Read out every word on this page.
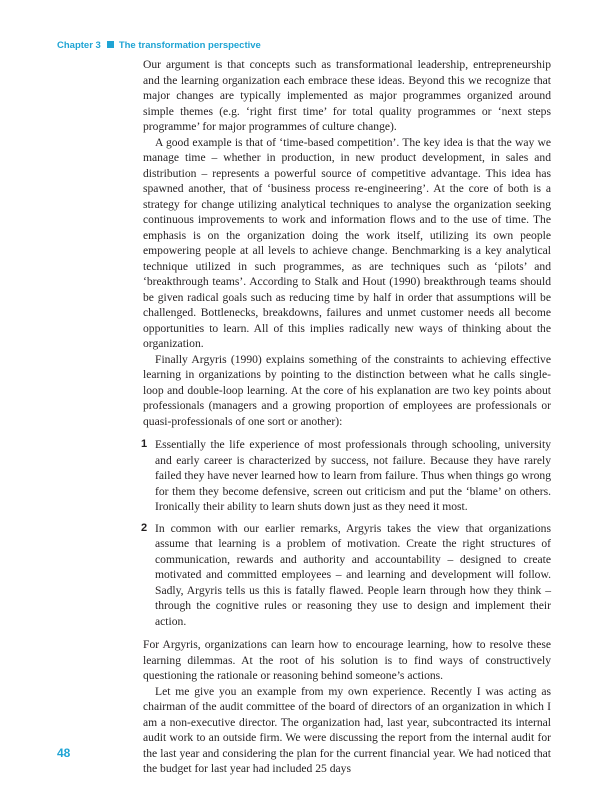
Chapter 3 The transformation perspective

Our argument is that concepts such as transformational leadership, entrepreneurship and the learning organization each embrace these ideas. Beyond this we recognize that major changes are typically implemented as major programmes organized around simple themes (e.g. ‘right first time’ for total quality programmes or ‘next steps programme’ for major programmes of culture change).

A good example is that of ‘time-based competition’. The key idea is that the way we manage time – whether in production, in new product development, in sales and distribution – represents a powerful source of competitive advantage. This idea has spawned another, that of ‘business process re-engineering’. At the core of both is a strategy for change utilizing analytical techniques to analyse the organization seeking continuous improvements to work and information flows and to the use of time. The emphasis is on the organization doing the work itself, utilizing its own people empowering people at all levels to achieve change. Benchmarking is a key analytical technique utilized in such programmes, as are techniques such as ‘pilots’ and ‘breakthrough teams’. According to Stalk and Hout (1990) breakthrough teams should be given radical goals such as reducing time by half in order that assumptions will be challenged. Bottlenecks, breakdowns, failures and unmet customer needs all become opportunities to learn. All of this implies radically new ways of thinking about the organization.

Finally Argyris (1990) explains something of the constraints to achieving effective learning in organizations by pointing to the distinction between what he calls single-loop and double-loop learning. At the core of his explanation are two key points about professionals (managers and a growing proportion of employees are professionals or quasi-professionals of one sort or another):

1 Essentially the life experience of most professionals through schooling, university and early career is characterized by success, not failure. Because they have rarely failed they have never learned how to learn from failure. Thus when things go wrong for them they become defensive, screen out criticism and put the ‘blame’ on others. Ironically their ability to learn shuts down just as they need it most.
2 In common with our earlier remarks, Argyris takes the view that organizations assume that learning is a problem of motivation. Create the right structures of communication, rewards and authority and accountability – designed to create motivated and committed employees – and learning and development will follow. Sadly, Argyris tells us this is fatally flawed. People learn through how they think – through the cognitive rules or reasoning they use to design and implement their action.

For Argyris, organizations can learn how to encourage learning, how to resolve these learning dilemmas. At the root of his solution is to find ways of constructively questioning the rationale or reasoning behind someone’s actions.

Let me give you an example from my own experience. Recently I was acting as chairman of the audit committee of the board of directors of an organization in which I am a non-executive director. The organization had, last year, subcontracted its internal audit work to an outside firm. We were discussing the report from the internal audit for the last year and considering the plan for the current financial year. We had noticed that the budget for last year had included 25 days

48
